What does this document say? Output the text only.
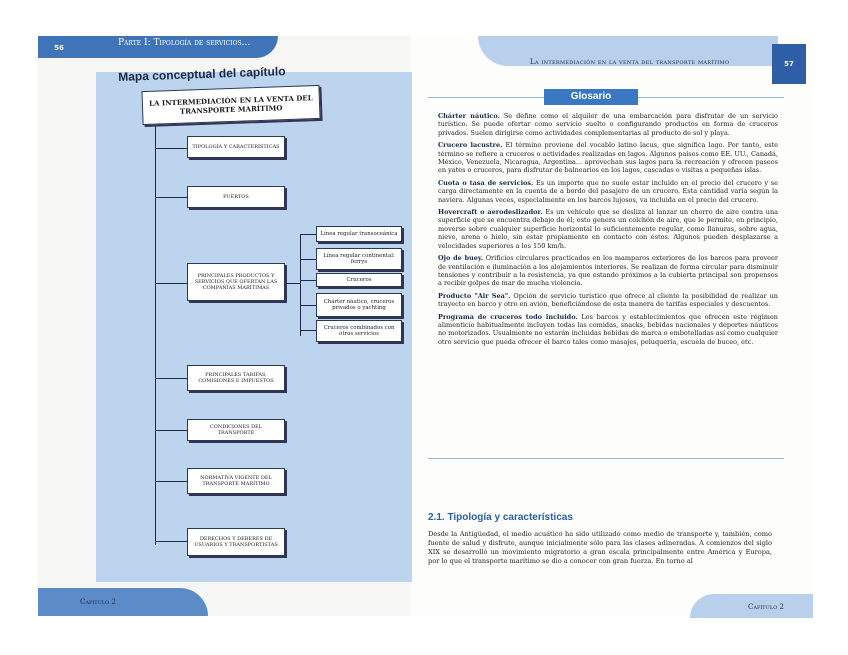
56	Parte I: Tipología de servicios...
Mapa conceptual del capítulo
LA INTERMEDIACIÓN EN LA VENTA DEL TRANSPORTE MARÍTIMO
TIPOLOGÍA Y CARACTERÍSTICAS
PUERTOS
PRINCIPALES PRODUCTOS Y SERVICIOS QUE OFERTAN LAS COMPAÑÍAS MARÍTIMAS
PRINCIPALES TARIFAS, COMISIONES E IMPUESTOS
CONDICIONES DEL TRANSPORTE
NORMATIVA VIGENTE DEL TRANSPORTE MARÍTIMO
DERECHOS Y DEBERES DE USUARIOS Y TRANSPORTISTAS
Línea regular transoceánica
Línea regular continental: ferrys
Cruceros
Chárter náutico, cruceros privados o yachting
Cruceros combinados con otros servicios
Capítulo 2
La intermediación en la venta del transporte marítimo	57
Glosario

Chárter náutico. Se define como el alquiler de una embarcación para disfrutar de un servicio turístico. Se puede ofertar como servicio suelto o configurando productos en forma de cruceros privados. Suelen dirigirse como actividades complementarias al producto de sol y playa.

Crucero lacustre. El término proviene del vocablo latino lacus, que significa lago. Por tanto, este término se refiere a cruceros o actividades realizadas en lagos. Algunos países como EE. UU., Canadá, México, Venezuela, Nicaragua, Argentina... aprovechan sus lagos para la recreación y ofrecen paseos en yates o cruceros, para disfrutar de balnearios en los lagos, cascadas o visitas a pequeñas islas.

Cuota o tasa de servicios. Es un importe que no suele estar incluido en el precio del crucero y se carga directamente en la cuenta de a bordo del pasajero de un crucero. Esta cantidad varía según la naviera. Algunas veces, especialmente en los barcos lujosos, va incluida en el precio del crucero.

Hovercraft o aerodeslizador. Es un vehículo que se desliza al lanzar un chorro de aire contra una superficie que se encuentra debajo de él; esto genera un colchón de aire, que le permite, en principio, moverse sobre cualquier superficie horizontal lo suficientemente regular, como llanuras, sobre agua, nieve, arena o hielo, sin estar propiamente en contacto con éstos. Algunos pueden desplazarse a velocidades superiores a los 150 km/h.

Ojo de buey. Orificios circulares practicados en los mamparos exteriores de los barcos para proveer de ventilación e iluminación a los alojamientos interiores. Se realizan de forma circular para disminuir tensiones y contribuir a la resistencia, ya que estando próximos a la cubierta principal son propensos a recibir golpes de mar de mucha violencia.

Producto "Air Sea". Opción de servicio turístico que ofrece al cliente la posibilidad de realizar un trayecto en barco y otro en avión, beneficiándose de esta manera de tarifas especiales y descuentos.

Programa de cruceros todo incluido. Los barcos y establecimientos que ofrecen este régimen alimenticio habitualmente incluyen todas las comidas, snacks, bebidas nacionales y deportes náuticos no motorizados. Usualmente no estarán incluidas bebidas de marca o embotelladas así como cualquier otro servicio que pueda ofrecer el barco tales como masajes, peluquería, escuela de buceo, etc.

2.1. Tipología y características
Desde la Antigüedad, el medio acuático ha sido utilizado como medio de transporte y, también, como fuente de salud y disfrute, aunque inicialmente sólo para las clases adineradas. A comienzos del siglo XIX se desarrolló un movimiento migratorio a gran escala principalmente entre América y Europa, por lo que el transporte marítimo se dio a conocer con gran fuerza. En torno al
Capítulo 2
